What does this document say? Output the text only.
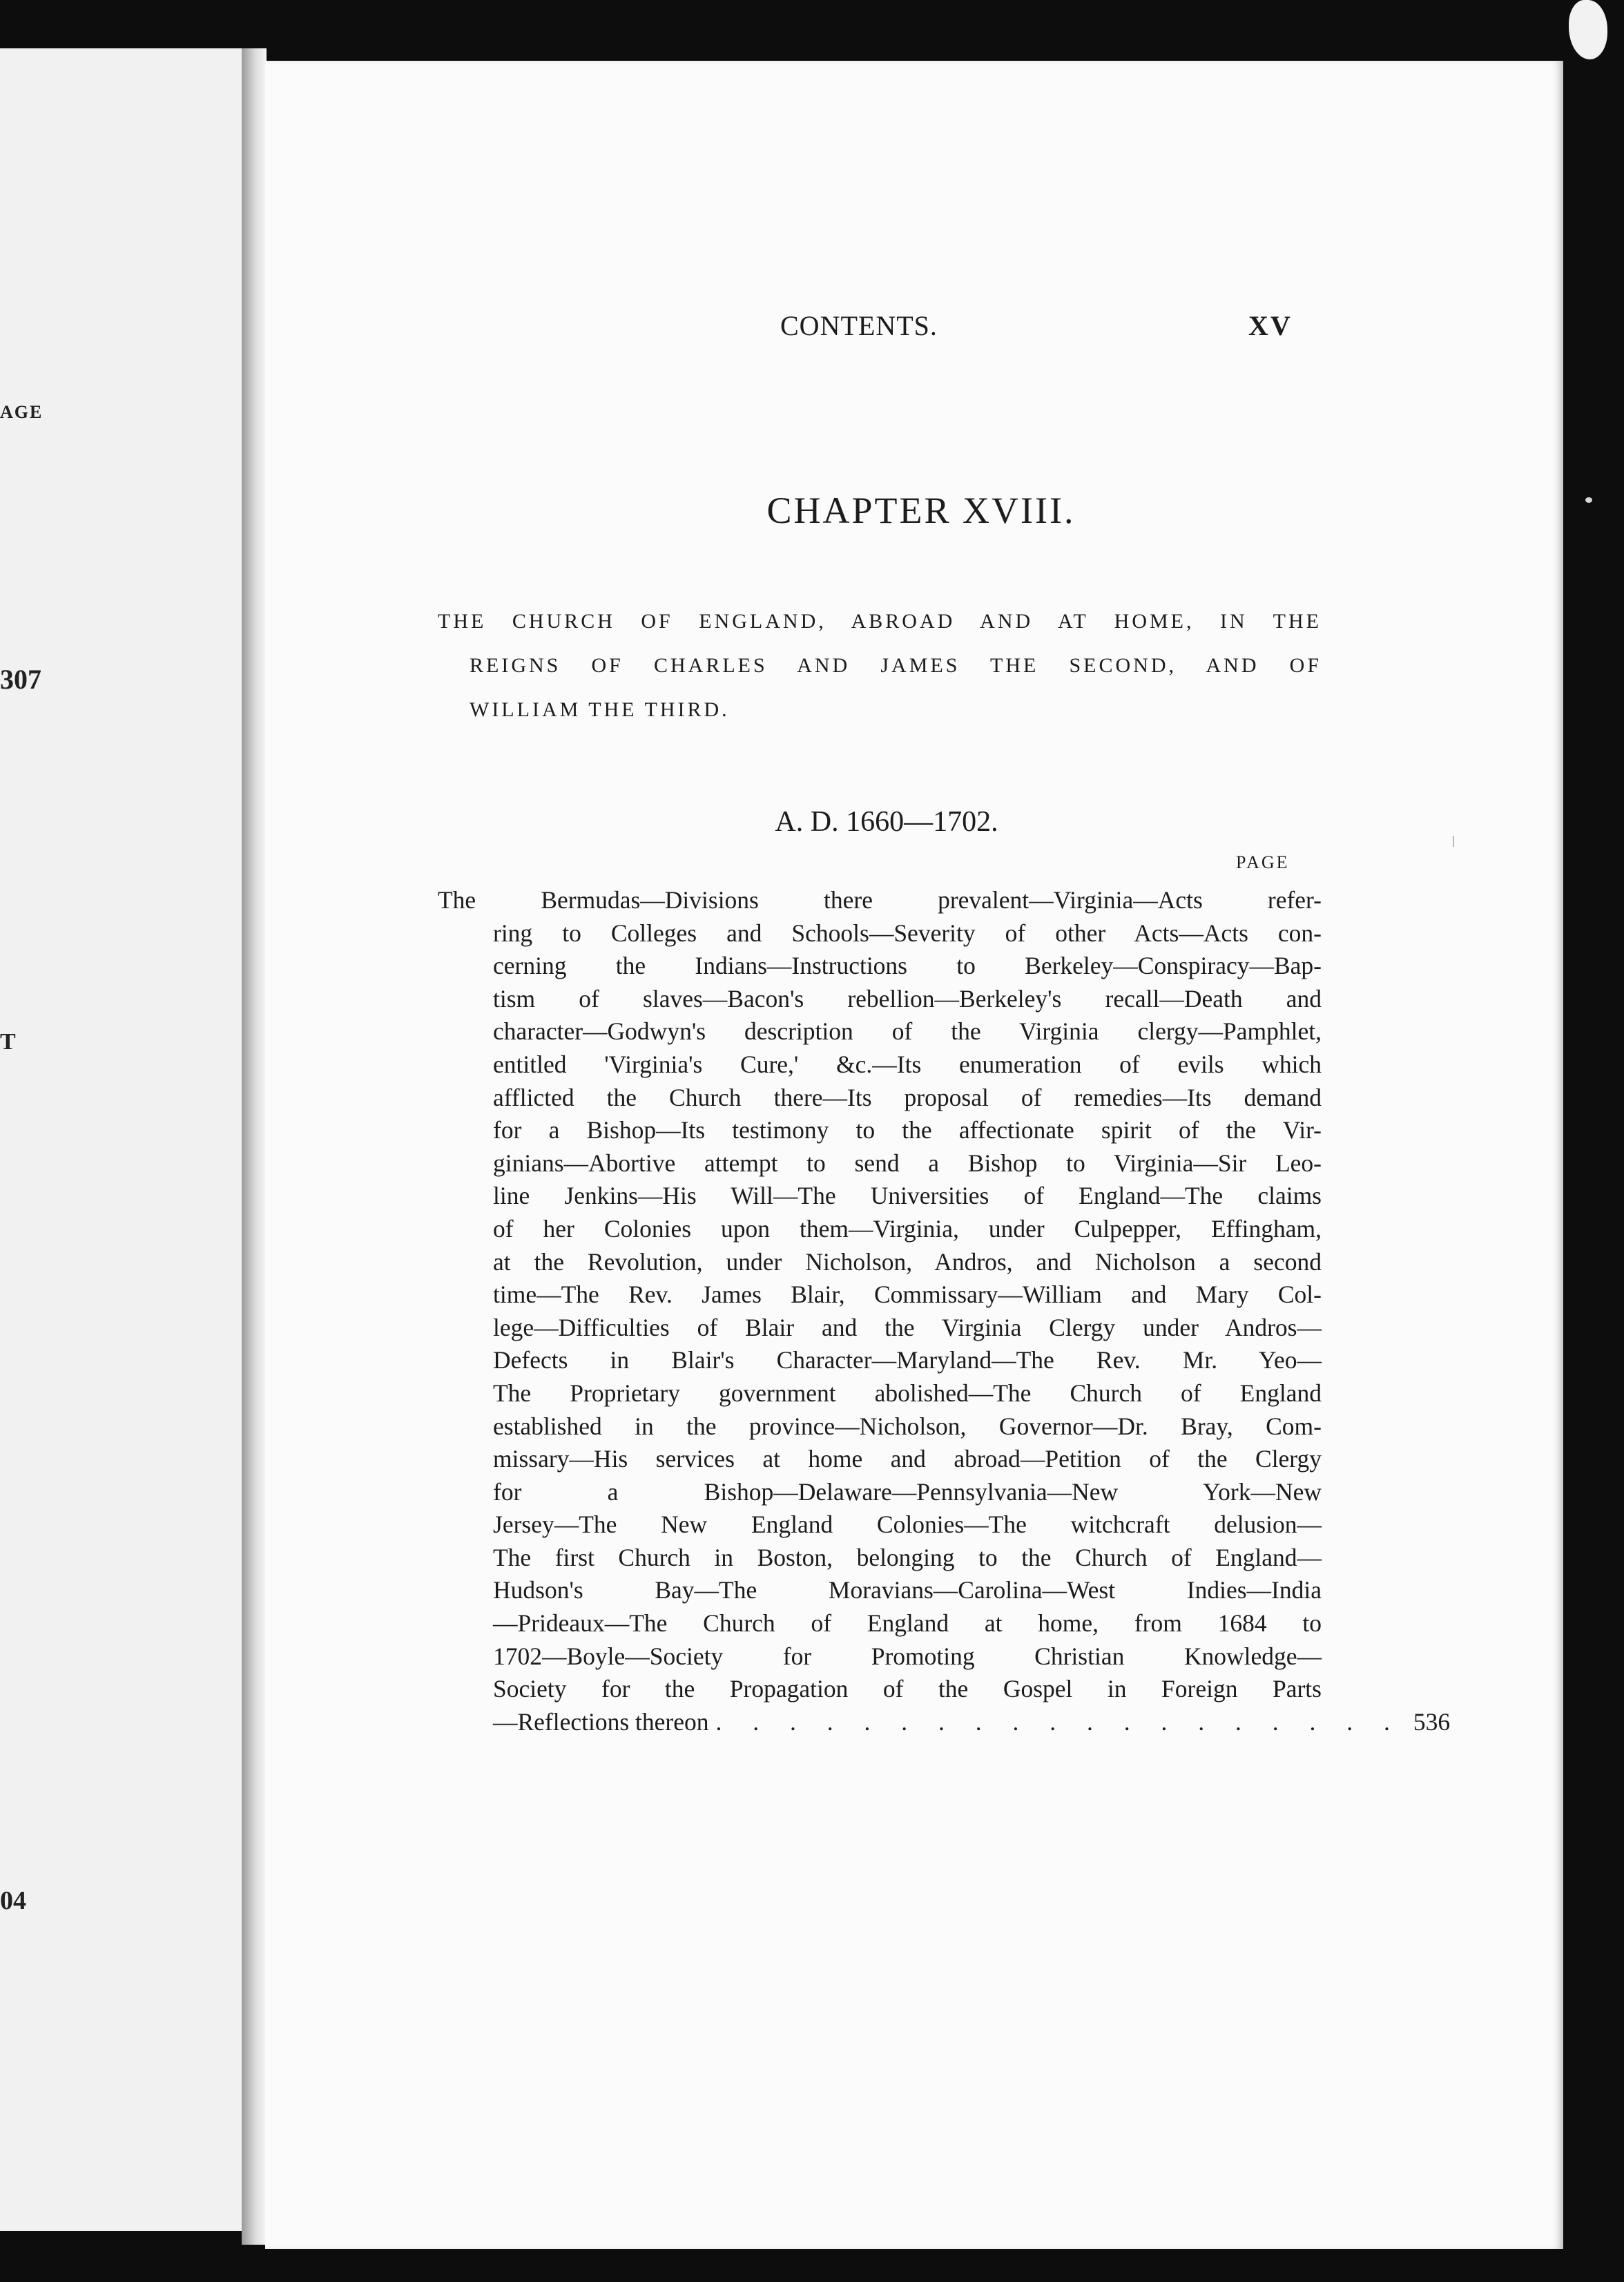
AGE
307
T
04
CONTENTS.	XV
CHAPTER XVIII.
THE CHURCH OF ENGLAND, ABROAD AND AT HOME, IN THE
REIGNS OF CHARLES AND JAMES THE SECOND, AND OF
WILLIAM THE THIRD.
A. D. 1660—1702.
PAGE
The Bermudas—Divisions there prevalent—Virginia—Acts refer-
ring to Colleges and Schools—Severity of other Acts—Acts con-
cerning the Indians—Instructions to Berkeley—Conspiracy—Bap-
tism of slaves—Bacon's rebellion—Berkeley's recall—Death and
character—Godwyn's description of the Virginia clergy—Pamphlet,
entitled 'Virginia's Cure,' &c.—Its enumeration of evils which
afflicted the Church there—Its proposal of remedies—Its demand
for a Bishop—Its testimony to the affectionate spirit of the Vir-
ginians—Abortive attempt to send a Bishop to Virginia—Sir Leo-
line Jenkins—His Will—The Universities of England—The claims
of her Colonies upon them—Virginia, under Culpepper, Effingham,
at the Revolution, under Nicholson, Andros, and Nicholson a second
time—The Rev. James Blair, Commissary—William and Mary Col-
lege—Difficulties of Blair and the Virginia Clergy under Andros—
Defects in Blair's Character—Maryland—The Rev. Mr. Yeo—
The Proprietary government abolished—The Church of England
established in the province—Nicholson, Governor—Dr. Bray, Com-
missary—His services at home and abroad—Petition of the Clergy
for a Bishop—Delaware—Pennsylvania—New York—New
Jersey—The New England Colonies—The witchcraft delusion—
The first Church in Boston, belonging to the Church of England—
Hudson's Bay—The Moravians—Carolina—West Indies—India
—Prideaux—The Church of England at home, from 1684 to
1702—Boyle—Society for Promoting Christian Knowledge—
Society for the Propagation of the Gospel in Foreign Parts
—Reflections thereon . . . . . . . . . . . . . . . . . . . 536
